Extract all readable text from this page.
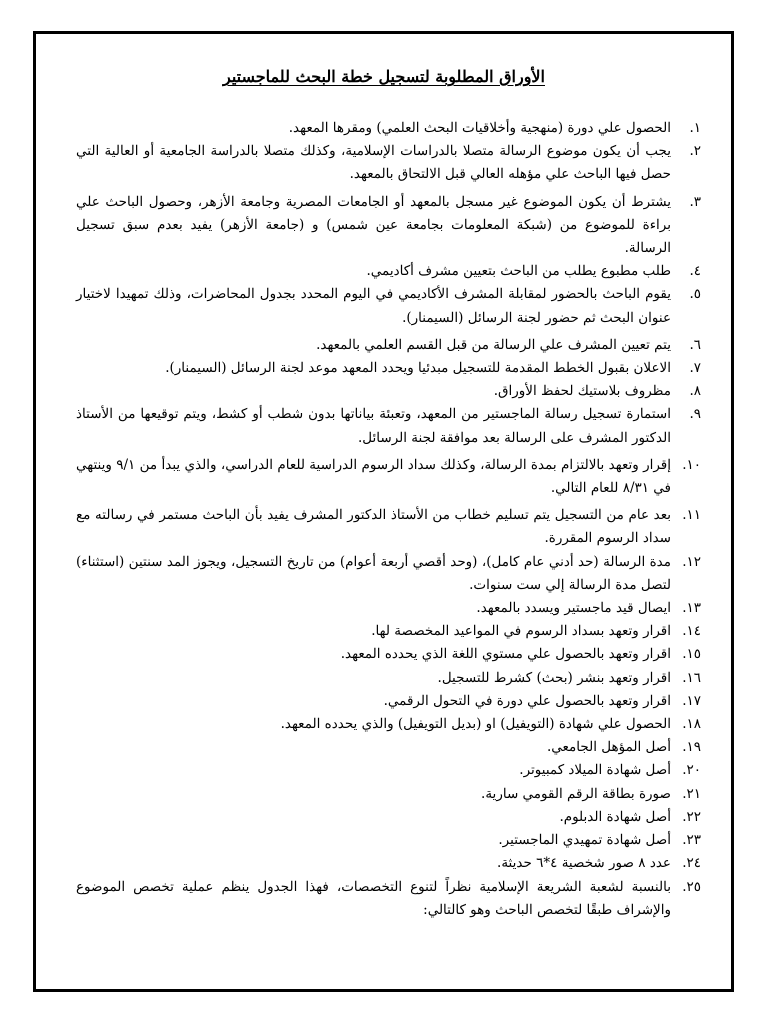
الأوراق المطلوبة لتسجيل خطة البحث للماجستير
١.
الحصول علي دورة (منهجية وأخلاقيات البحث العلمي) ومقرها المعهد.
٢.
يجب أن يكون موضوع الرسالة متصلا بالدراسات الإسلامية، وكذلك متصلا بالدراسة الجامعية أو العالية التي حصل فيها الباحث علي مؤهله العالي قبل الالتحاق بالمعهد.
٣.
يشترط أن يكون الموضوع غير مسجل بالمعهد أو الجامعات المصرية وجامعة الأزهر، وحصول الباحث علي براءة للموضوع من (شبكة المعلومات بجامعة عين شمس) و (جامعة الأزهر) يفيد بعدم سبق تسجيل الرسالة.
٤.
طلب مطبوع يطلب من الباحث بتعيين مشرف أكاديمي.
٥.
يقوم الباحث بالحضور لمقابلة المشرف الأكاديمي في اليوم المحدد بجدول المحاضرات، وذلك تمهيدا لاختيار عنوان البحث ثم حضور لجنة الرسائل (السيمنار).
٦.
يتم تعيين المشرف علي الرسالة من قبل القسم العلمي بالمعهد.
٧.
الاعلان بقبول الخطط المقدمة للتسجيل مبدئيا ويحدد المعهد موعد لجنة الرسائل (السيمنار).
٨.
مظروف بلاستيك لحفظ الأوراق.
٩.
استمارة تسجيل رسالة الماجستير من المعهد، وتعبئة بياناتها بدون شطب أو كشط، ويتم توقيعها من الأستاذ الدكتور المشرف على الرسالة بعد موافقة لجنة الرسائل.
١٠.
إقرار وتعهد بالالتزام بمدة الرسالة، وكذلك سداد الرسوم الدراسية للعام الدراسي، والذي يبدأ من ٩/١ وينتهي في ٨/٣١ للعام التالي.
١١.
بعد عام من التسجيل يتم تسليم خطاب من الأستاذ الدكتور المشرف يفيد بأن الباحث مستمر في رسالته مع سداد الرسوم المقررة.
١٢.
مدة الرسالة (حد أدني عام كامل)، (وحد أقصي أربعة أعوام) من تاريخ التسجيل، ويجوز المد سنتين (استثناء) لتصل مدة الرسالة إلي ست سنوات.
١٣.
ايصال قيد ماجستير ويسدد بالمعهد.
١٤.
اقرار وتعهد بسداد الرسوم في المواعيد المخصصة لها.
١٥.
اقرار وتعهد بالحصول علي مستوي اللغة الذي يحدده المعهد.
١٦.
اقرار وتعهد بنشر (بحث) كشرط للتسجيل.
١٧.
اقرار وتعهد بالحصول علي دورة في التحول الرقمي.
١٨.
الحصول علي شهادة (التويفيل) او (بديل التويفيل) والذي يحدده المعهد.
١٩.
أصل المؤهل الجامعي.
٢٠.
أصل شهادة الميلاد كمبيوتر.
٢١.
صورة بطاقة الرقم القومي سارية.
٢٢.
أصل شهادة الدبلوم.
٢٣.
أصل شهادة تمهيدي الماجستير.
٢٤.
عدد ٨ صور شخصية ٤*٦ حديثة.
٢٥.
بالنسبة لشعبة الشريعة الإسلامية نظراً لتنوع التخصصات، فهذا الجدول ينظم عملية تخصص الموضوع والإشراف طبقًا لتخصص الباحث وهو كالتالي:
